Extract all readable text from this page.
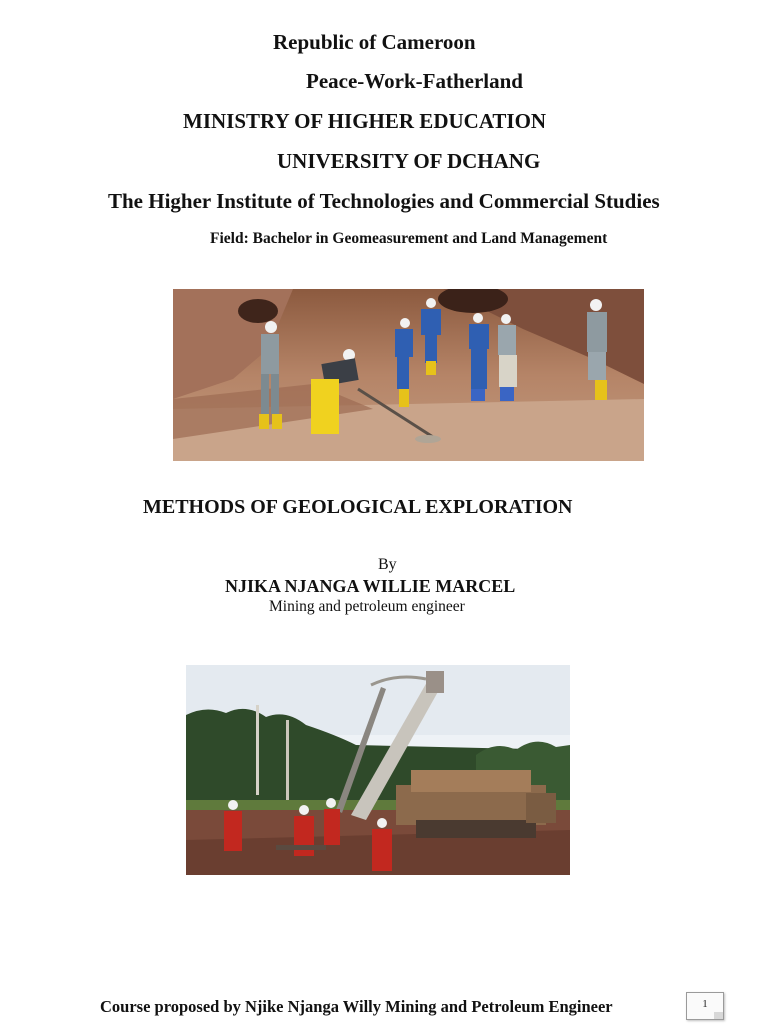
Republic of Cameroon
Peace-Work-Fatherland
MINISTRY OF HIGHER EDUCATION
UNIVERSITY OF DCHANG
The Higher Institute of Technologies and Commercial Studies
Field: Bachelor in Geomeasurement and Land Management
METHODS OF GEOLOGICAL EXPLORATION
By
NJIKA NJANGA WILLIE MARCEL
Mining and petroleum engineer
Course proposed by Njike Njanga Willy Mining and Petroleum Engineer	1
